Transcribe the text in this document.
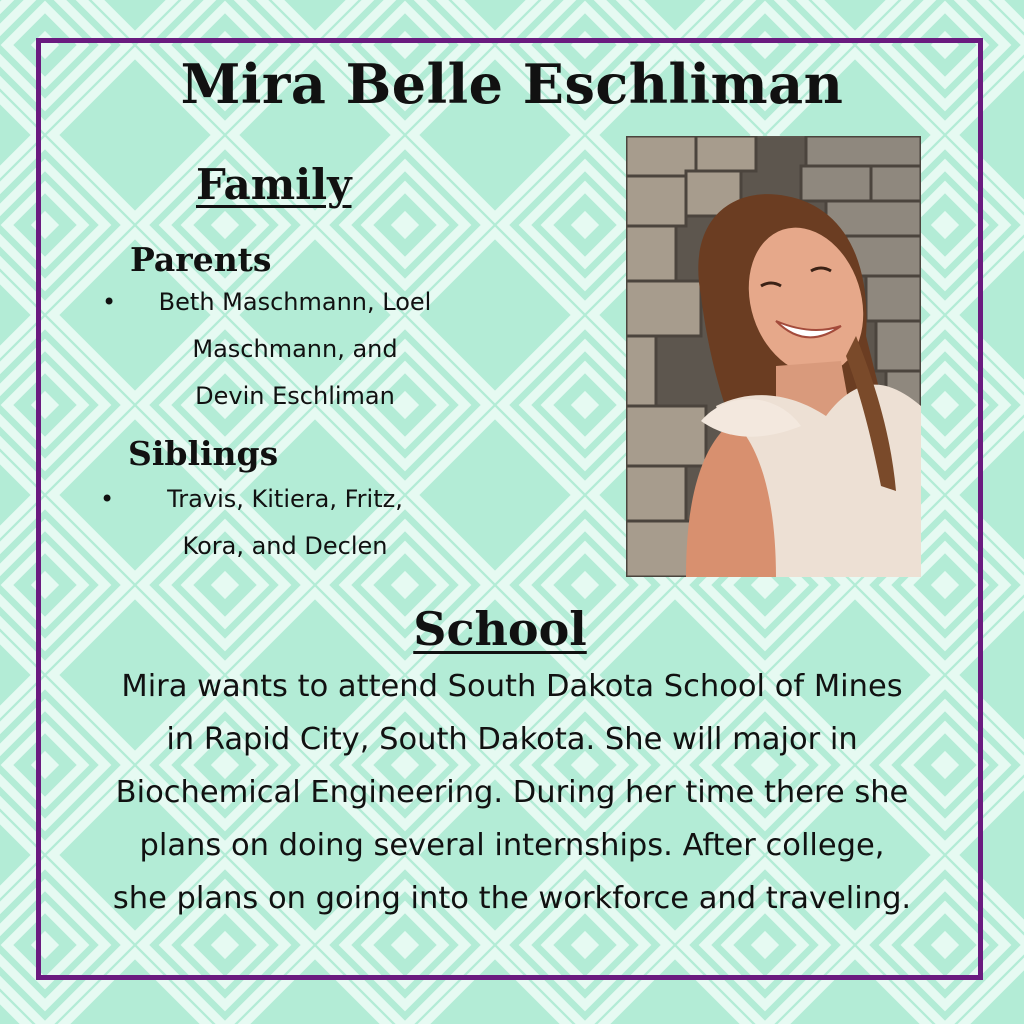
Mira Belle Eschliman
Family
Parents
•	Beth Maschmann, Loel
Maschmann, and
Devin Eschliman
Siblings
•	Travis, Kitiera, Fritz,
Kora, and Declen
School

Mira wants to attend South Dakota School of Mines
in Rapid City, South Dakota. She will major in
Biochemical Engineering. During her time there she
plans on doing several internships. After college,
she plans on going into the workforce and traveling.
